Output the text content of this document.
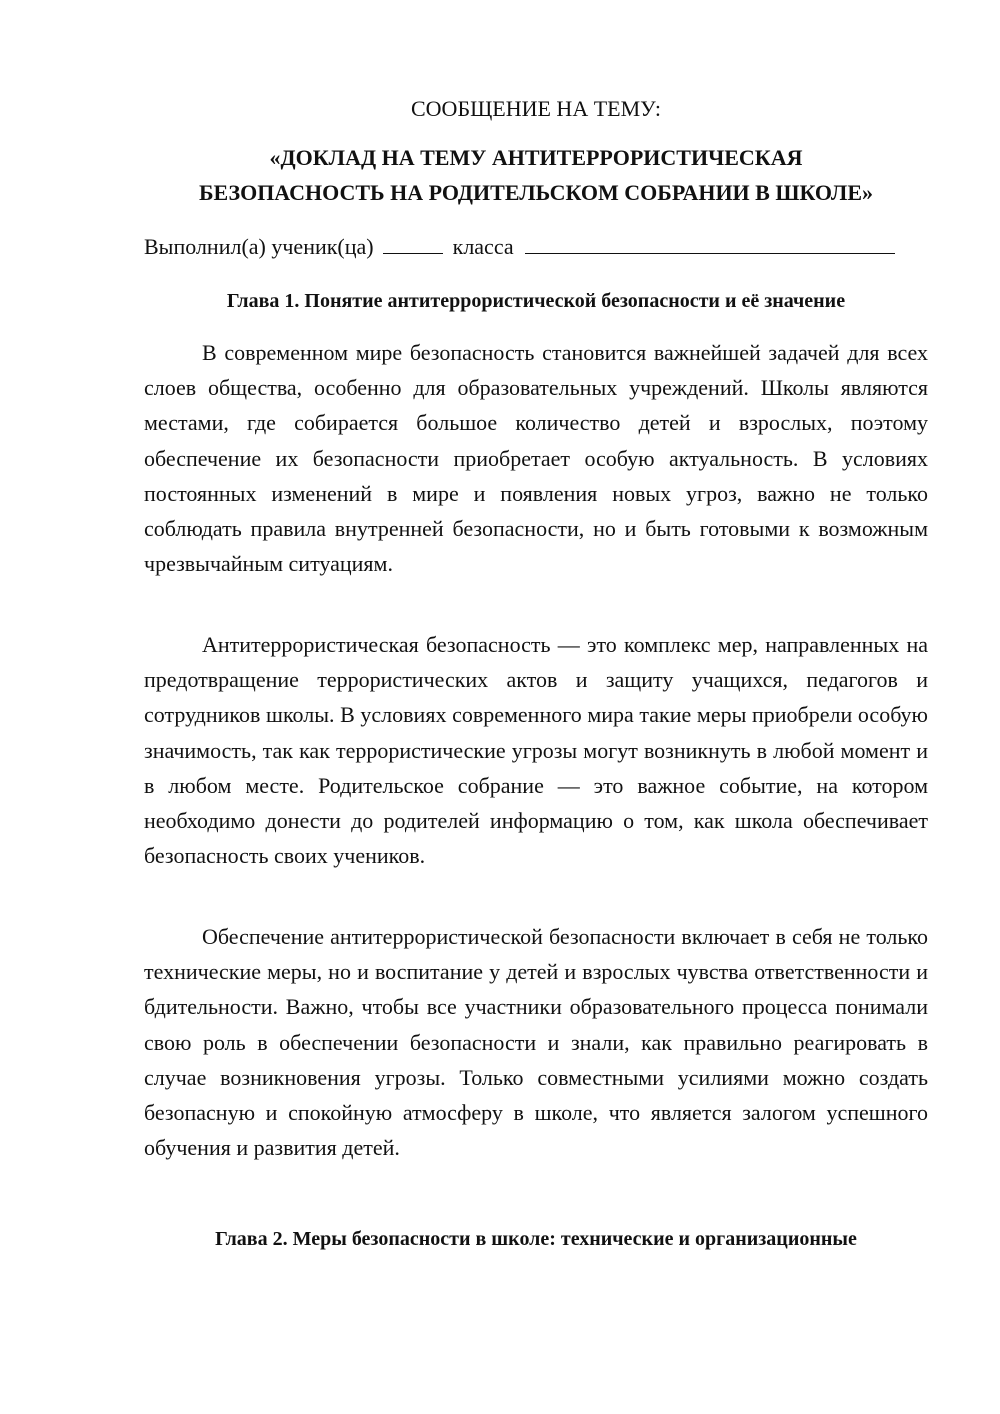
СООБЩЕНИЕ НА ТЕМУ:
«ДОКЛАД НА ТЕМУ АНТИТЕРРОРИСТИЧЕСКАЯ
БЕЗОПАСНОСТЬ НА РОДИТЕЛЬСКОМ СОБРАНИИ В ШКОЛЕ»
Выполнил(а) ученик(ца)	класса
Глава 1. Понятие антитеррористической безопасности и её значение

В современном мире безопасность становится важнейшей задачей для всех слоев общества, особенно для образовательных учреждений. Школы являются местами, где собирается большое количество детей и взрослых, поэтому обеспечение их безопасности приобретает особую актуальность. В условиях постоянных изменений в мире и появления новых угроз, важно не только соблюдать правила внутренней безопасности, но и быть готовыми к возможным чрезвычайным ситуациям.

Антитеррористическая безопасность — это комплекс мер, направленных на предотвращение террористических актов и защиту учащихся, педагогов и сотрудников школы. В условиях современного мира такие меры приобрели особую значимость, так как террористические угрозы могут возникнуть в любой момент и в любом месте. Родительское собрание — это важное событие, на котором необходимо донести до родителей информацию о том, как школа обеспечивает безопасность своих учеников.

Обеспечение антитеррористической безопасности включает в себя не только технические меры, но и воспитание у детей и взрослых чувства ответственности и бдительности. Важно, чтобы все участники образовательного процесса понимали свою роль в обеспечении безопасности и знали, как правильно реагировать в случае возникновения угрозы. Только совместными усилиями можно создать безопасную и спокойную атмосферу в школе, что является залогом успешного обучения и развития детей.

Глава 2. Меры безопасности в школе: технические и организационные
